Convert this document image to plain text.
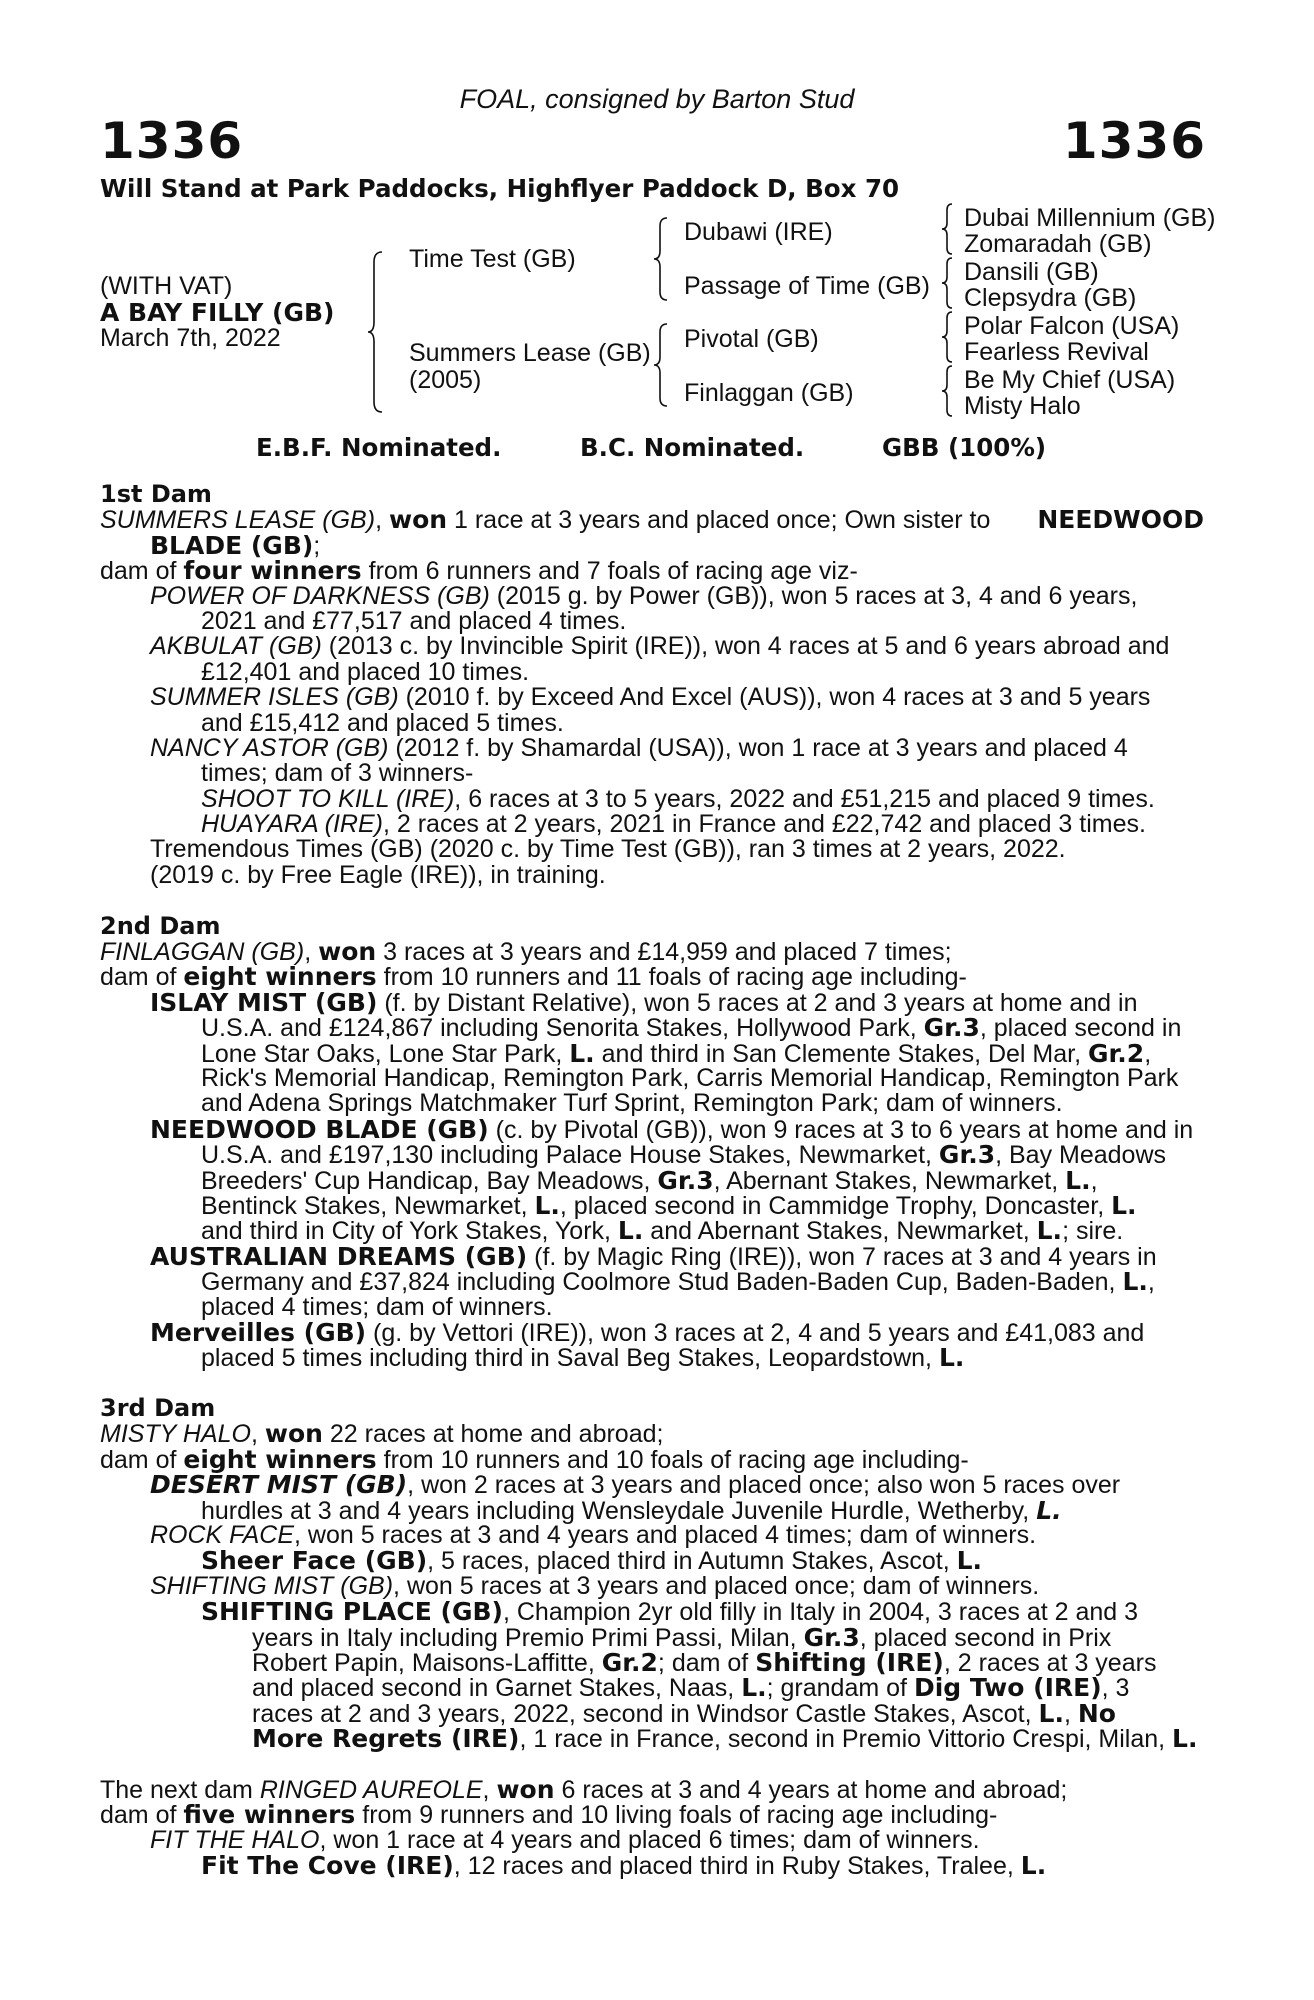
FOAL, consigned by Barton Stud
1336	1336
Will Stand at Park Paddocks, Highflyer Paddock D, Box 70
(WITH VAT)
A BAY FILLY (GB)
March 7th, 2022
Time Test (GB)
Summers Lease (GB)
(2005)
Dubawi (IRE)
Passage of Time (GB)
Pivotal (GB)
Finlaggan (GB)
Dubai Millennium (GB)
Zomaradah (GB)
Dansili (GB)
Clepsydra (GB)
Polar Falcon (USA)
Fearless Revival
Be My Chief (USA)
Misty Halo
E.B.F. Nominated.	B.C. Nominated.	GBB (100%)
1st Dam
SUMMERS LEASE (GB), won 1 race at 3 years and placed once; Own sister to NEEDWOOD
BLADE (GB);
dam of four winners from 6 runners and 7 foals of racing age viz-
POWER OF DARKNESS (GB) (2015 g. by Power (GB)), won 5 races at 3, 4 and 6 years,
2021 and £77,517 and placed 4 times.
AKBULAT (GB) (2013 c. by Invincible Spirit (IRE)), won 4 races at 5 and 6 years abroad and
£12,401 and placed 10 times.
SUMMER ISLES (GB) (2010 f. by Exceed And Excel (AUS)), won 4 races at 3 and 5 years
and £15,412 and placed 5 times.
NANCY ASTOR (GB) (2012 f. by Shamardal (USA)), won 1 race at 3 years and placed 4
times; dam of 3 winners-
SHOOT TO KILL (IRE), 6 races at 3 to 5 years, 2022 and £51,215 and placed 9 times.
HUAYARA (IRE), 2 races at 2 years, 2021 in France and £22,742 and placed 3 times.
Tremendous Times (GB) (2020 c. by Time Test (GB)), ran 3 times at 2 years, 2022.
(2019 c. by Free Eagle (IRE)), in training.
2nd Dam
FINLAGGAN (GB), won 3 races at 3 years and £14,959 and placed 7 times;
dam of eight winners from 10 runners and 11 foals of racing age including-
ISLAY MIST (GB) (f. by Distant Relative), won 5 races at 2 and 3 years at home and in
U.S.A. and £124,867 including Senorita Stakes, Hollywood Park, Gr.3, placed second in
Lone Star Oaks, Lone Star Park, L. and third in San Clemente Stakes, Del Mar, Gr.2,
Rick's Memorial Handicap, Remington Park, Carris Memorial Handicap, Remington Park
and Adena Springs Matchmaker Turf Sprint, Remington Park; dam of winners.
NEEDWOOD BLADE (GB) (c. by Pivotal (GB)), won 9 races at 3 to 6 years at home and in
U.S.A. and £197,130 including Palace House Stakes, Newmarket, Gr.3, Bay Meadows
Breeders' Cup Handicap, Bay Meadows, Gr.3, Abernant Stakes, Newmarket, L.,
Bentinck Stakes, Newmarket, L., placed second in Cammidge Trophy, Doncaster, L.
and third in City of York Stakes, York, L. and Abernant Stakes, Newmarket, L.; sire.
AUSTRALIAN DREAMS (GB) (f. by Magic Ring (IRE)), won 7 races at 3 and 4 years in
Germany and £37,824 including Coolmore Stud Baden-Baden Cup, Baden-Baden, L.,
placed 4 times; dam of winners.
Merveilles (GB) (g. by Vettori (IRE)), won 3 races at 2, 4 and 5 years and £41,083 and
placed 5 times including third in Saval Beg Stakes, Leopardstown, L.
3rd Dam
MISTY HALO, won 22 races at home and abroad;
dam of eight winners from 10 runners and 10 foals of racing age including-
DESERT MIST (GB), won 2 races at 3 years and placed once; also won 5 races over
hurdles at 3 and 4 years including Wensleydale Juvenile Hurdle, Wetherby, L.
ROCK FACE, won 5 races at 3 and 4 years and placed 4 times; dam of winners.
Sheer Face (GB), 5 races, placed third in Autumn Stakes, Ascot, L.
SHIFTING MIST (GB), won 5 races at 3 years and placed once; dam of winners.
SHIFTING PLACE (GB), Champion 2yr old filly in Italy in 2004, 3 races at 2 and 3
years in Italy including Premio Primi Passi, Milan, Gr.3, placed second in Prix
Robert Papin, Maisons-Laffitte, Gr.2; dam of Shifting (IRE), 2 races at 3 years
and placed second in Garnet Stakes, Naas, L.; grandam of Dig Two (IRE), 3
races at 2 and 3 years, 2022, second in Windsor Castle Stakes, Ascot, L., No
More Regrets (IRE), 1 race in France, second in Premio Vittorio Crespi, Milan, L.
The next dam RINGED AUREOLE, won 6 races at 3 and 4 years at home and abroad;
dam of five winners from 9 runners and 10 living foals of racing age including-
FIT THE HALO, won 1 race at 4 years and placed 6 times; dam of winners.
Fit The Cove (IRE), 12 races and placed third in Ruby Stakes, Tralee, L.
